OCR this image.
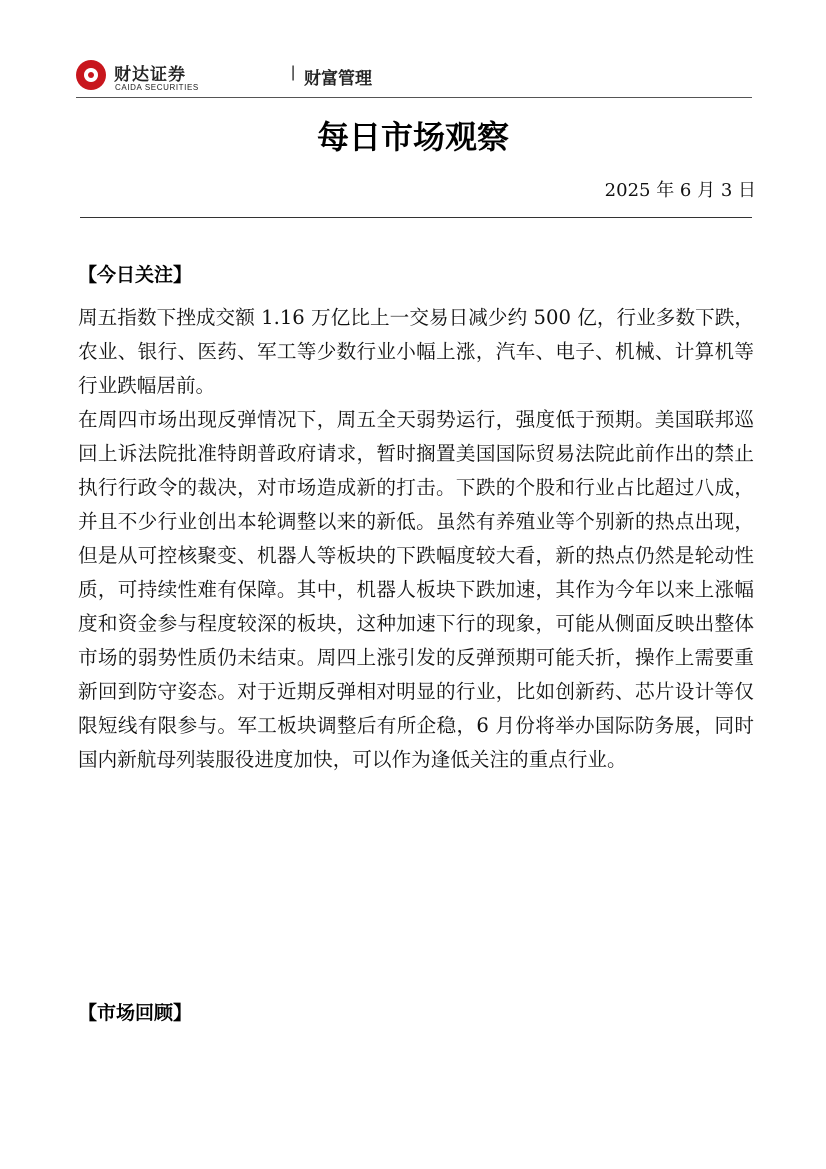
财达证券
CAIDA SECURITIES
| 财富管理
每日市场观察
2025 年 6 月 3 日
【今日关注】

周五指数下挫成交额 1.16 万亿比上一交易日减少约 500 亿，行业多数下跌，农业、银行、医药、军工等少数行业小幅上涨，汽车、电子、机械、计算机等行业跌幅居前。

在周四市场出现反弹情况下，周五全天弱势运行，强度低于预期。美国联邦巡回上诉法院批准特朗普政府请求，暂时搁置美国国际贸易法院此前作出的禁止执行行政令的裁决，对市场造成新的打击。下跌的个股和行业占比超过八成，并且不少行业创出本轮调整以来的新低。虽然有养殖业等个别新的热点出现，但是从可控核聚变、机器人等板块的下跌幅度较大看，新的热点仍然是轮动性质，可持续性难有保障。其中，机器人板块下跌加速，其作为今年以来上涨幅度和资金参与程度较深的板块，这种加速下行的现象，可能从侧面反映出整体市场的弱势性质仍未结束。周四上涨引发的反弹预期可能夭折，操作上需要重新回到防守姿态。对于近期反弹相对明显的行业，比如创新药、芯片设计等仅限短线有限参与。军工板块调整后有所企稳，6 月份将举办国际防务展，同时国内新航母列装服役进度加快，可以作为逢低关注的重点行业。

【市场回顾】
